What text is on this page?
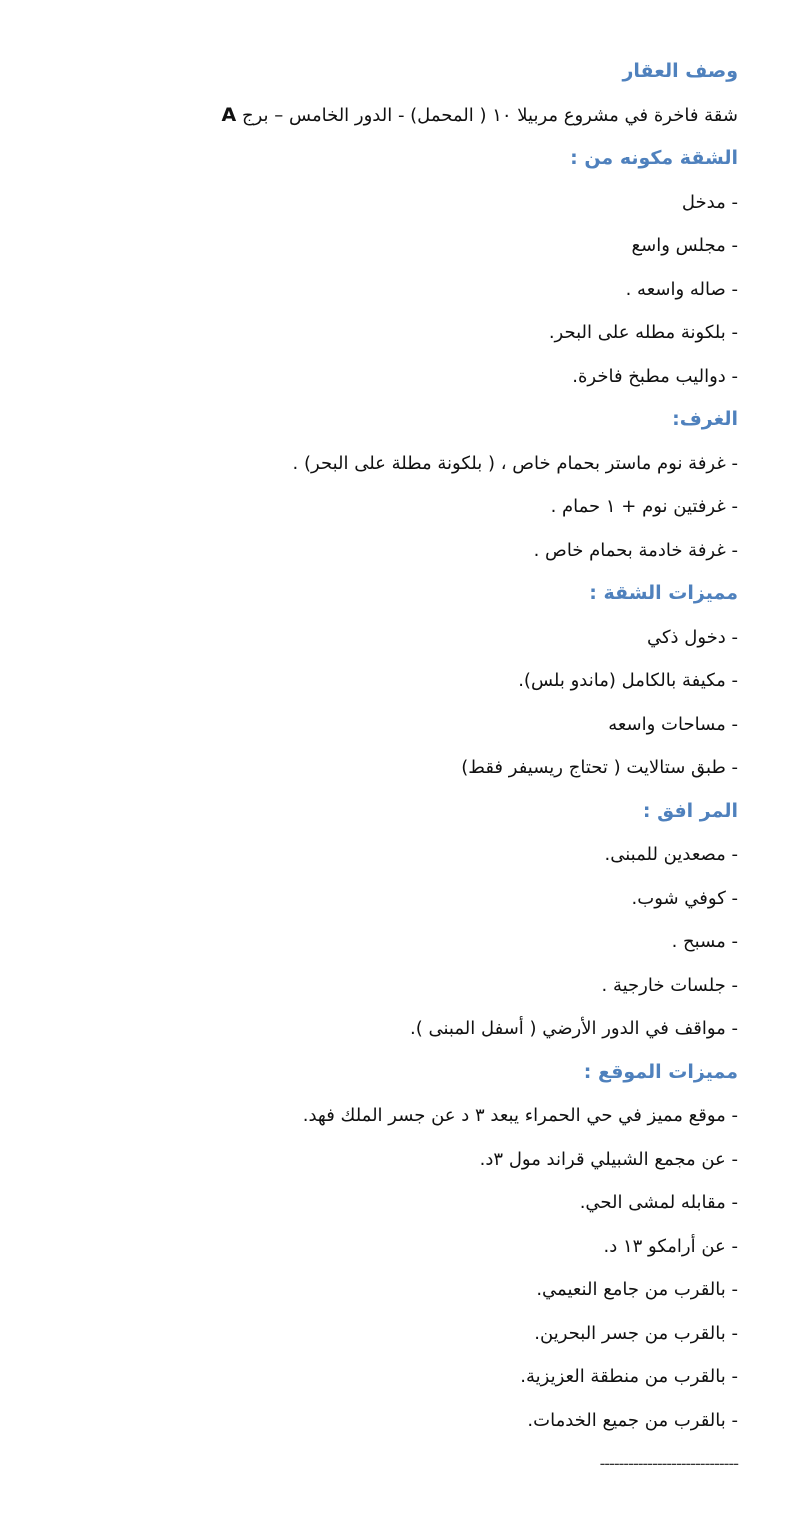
وصف العقار
شقة فاخرة في مشروع مربيلا ١٠ ( المحمل) - الدور الخامس – برج A
الشقة مكونه من :
- مدخل
- مجلس واسع
- صاله واسعه .
- بلكونة مطله على البحر.
- دواليب مطبخ فاخرة.
الغرف:
- غرفة نوم ماستر بحمام خاص ، ( بلكونة مطلة على البحر) .
- غرفتين نوم + ١ حمام .
- غرفة خادمة بحمام خاص .
مميزات الشقة :
- دخول ذكي
- مكيفة بالكامل (ماندو بلس).
- مساحات واسعه
- طبق ستالايت ( تحتاج ريسيفر فقط)
المر افق :
- مصعدين للمبنى.
- كوفي شوب.
- مسبح .
- جلسات خارجية .
- مواقف في الدور الأرضي ( أسفل المبنى ).
مميزات الموقع :
- موقع مميز في حي الحمراء يبعد ٣ د عن جسر الملك فهد.
- عن مجمع الشبيلي قراند مول ٣د.
- مقابله لمشى الحي.
- عن أرامكو ١٣ د.
- بالقرب من جامع النعيمي.
- بالقرب من جسر البحرين.
- بالقرب من منطقة العزيزية.
- بالقرب من جميع الخدمات.
-----------------------------
